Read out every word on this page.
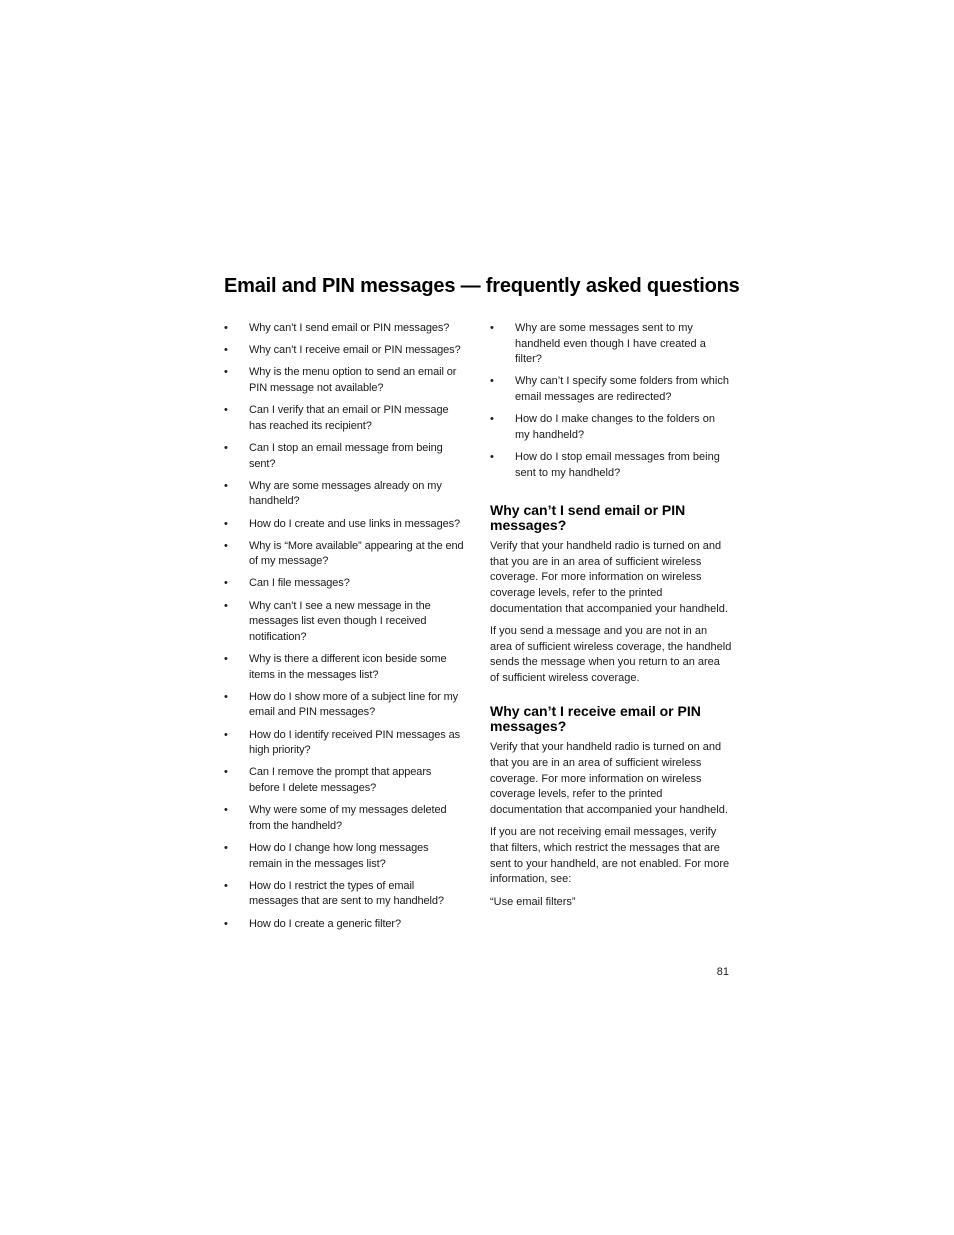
Email and PIN messages — frequently asked questions
• Why can’t I send email or PIN messages?
• Why can’t I receive email or PIN messages?
• Why is the menu option to send an email or PIN message not available?
• Can I verify that an email or PIN message has reached its recipient?
• Can I stop an email message from being sent?
• Why are some messages already on my handheld?
• How do I create and use links in messages?
• Why is “More available” appearing at the end of my message?
• Can I file messages?
• Why can’t I see a new message in the messages list even though I received notification?
• Why is there a different icon beside some items in the messages list?
• How do I show more of a subject line for my email and PIN messages?
• How do I identify received PIN messages as high priority?
• Can I remove the prompt that appears before I delete messages?
• Why were some of my messages deleted from the handheld?
• How do I change how long messages remain in the messages list?
• How do I restrict the types of email messages that are sent to my handheld?
• How do I create a generic filter?
• Why are some messages sent to my handheld even though I have created a filter?
• Why can’t I specify some folders from which email messages are redirected?
• How do I make changes to the folders on my handheld?
• How do I stop email messages from being sent to my handheld?
Why can’t I send email or PIN messages?

Verify that your handheld radio is turned on and that you are in an area of sufficient wireless coverage. For more information on wireless coverage levels, refer to the printed documentation that accompanied your handheld.

If you send a message and you are not in an area of sufficient wireless coverage, the handheld sends the message when you return to an area of sufficient wireless coverage.

Why can’t I receive email or PIN messages?

Verify that your handheld radio is turned on and that you are in an area of sufficient wireless coverage. For more information on wireless coverage levels, refer to the printed documentation that accompanied your handheld.

If you are not receiving email messages, verify that filters, which restrict the messages that are sent to your handheld, are not enabled. For more information, see:

“Use email filters”

81
